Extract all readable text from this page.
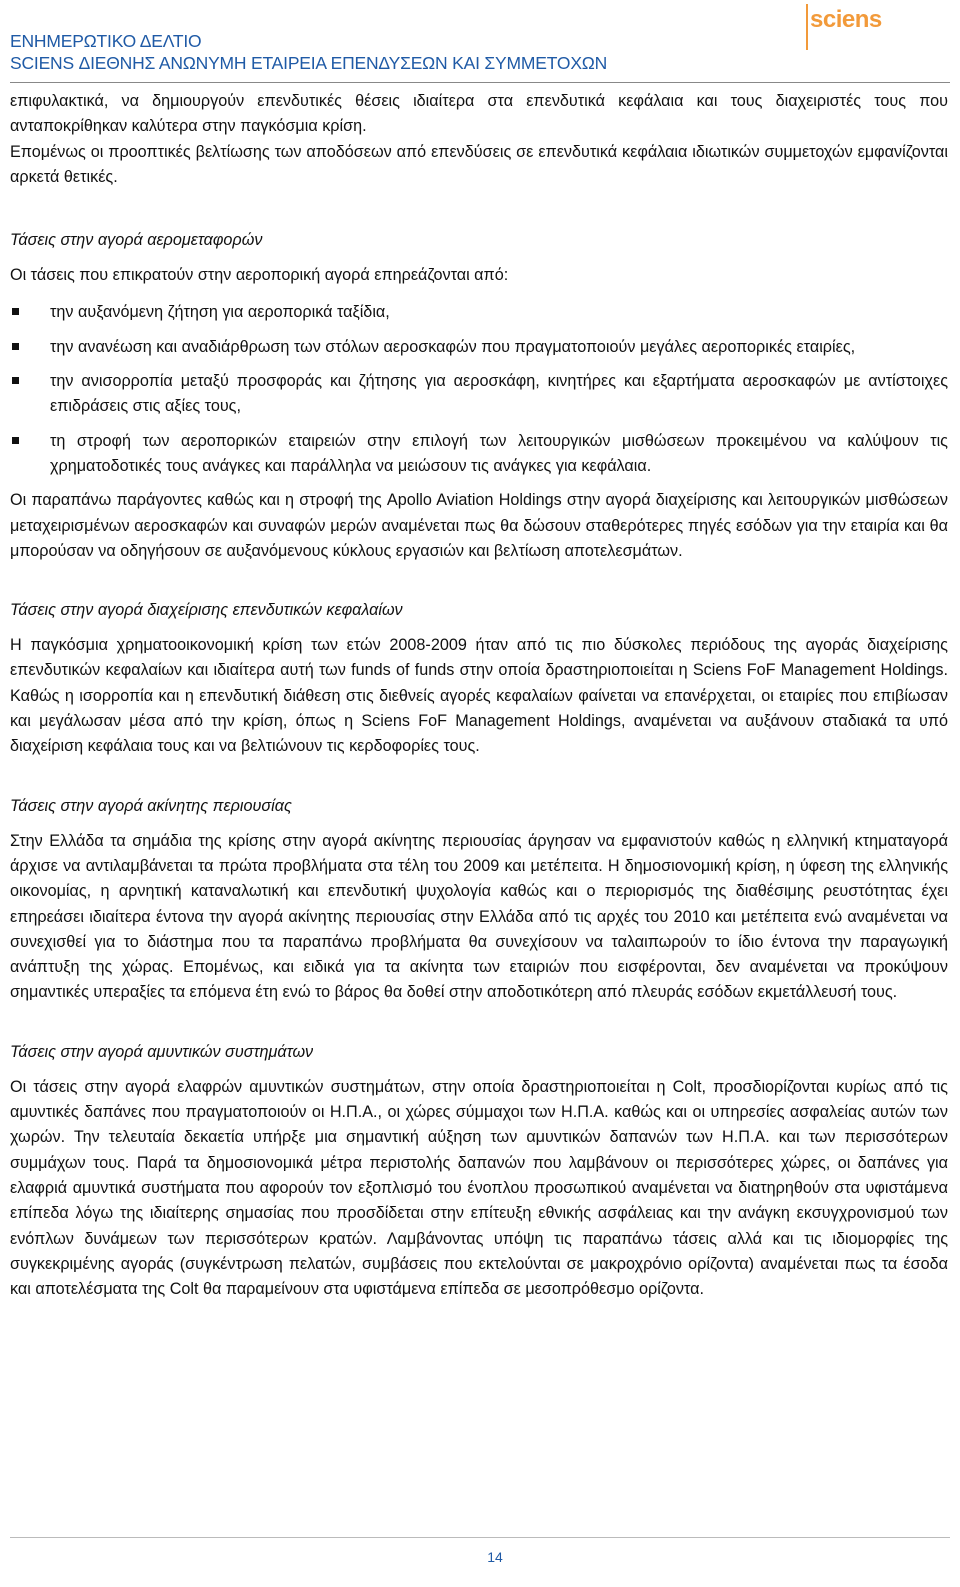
ΕΝΗΜΕΡΩΤΙΚΟ ΔΕΛΤΙΟ
SCIENS ΔΙΕΘΝΗΣ ΑΝΩΝΥΜΗ ΕΤΑΙΡΕΙΑ ΕΠΕΝΔΥΣΕΩΝ ΚΑΙ ΣΥΜΜΕΤΟΧΩΝ
sciens

επιφυλακτικά, να δημιουργούν επενδυτικές θέσεις ιδιαίτερα στα επενδυτικά κεφάλαια και τους διαχειριστές τους που ανταποκρίθηκαν καλύτερα στην παγκόσμια κρίση.

Επομένως οι προοπτικές βελτίωσης των αποδόσεων από επενδύσεις σε επενδυτικά κεφάλαια ιδιωτικών συμμετοχών εμφανίζονται αρκετά θετικές.

Τάσεις στην αγορά αερομεταφορών

Οι τάσεις που επικρατούν στην αεροπορική αγορά επηρεάζονται από:

την αυξανόμενη ζήτηση για αεροπορικά ταξίδια,
την ανανέωση και αναδιάρθρωση των στόλων αεροσκαφών που πραγματοποιούν μεγάλες αεροπορικές εταιρίες,
την ανισορροπία μεταξύ προσφοράς και ζήτησης για αεροσκάφη, κινητήρες και εξαρτήματα αεροσκαφών με αντίστοιχες επιδράσεις στις αξίες τους,
τη στροφή των αεροπορικών εταιρειών στην επιλογή των λειτουργικών μισθώσεων προκειμένου να καλύψουν τις χρηματοδοτικές τους ανάγκες και παράλληλα να μειώσουν τις ανάγκες για κεφάλαια.

Οι παραπάνω παράγοντες καθώς και η στροφή της Apollo Aviation Holdings στην αγορά διαχείρισης και λειτουργικών μισθώσεων μεταχειρισμένων αεροσκαφών και συναφών μερών αναμένεται πως θα δώσουν σταθερότερες πηγές εσόδων για την εταιρία και θα μπορούσαν να οδηγήσουν σε αυξανόμενους κύκλους εργασιών και βελτίωση αποτελεσμάτων.

Τάσεις στην αγορά διαχείρισης επενδυτικών κεφαλαίων

Η παγκόσμια χρηματοοικονομική κρίση των ετών 2008-2009 ήταν από τις πιο δύσκολες περιόδους της αγοράς διαχείρισης επενδυτικών κεφαλαίων και ιδιαίτερα αυτή των funds of funds στην οποία δραστηριοποιείται η Sciens FoF Management Holdings. Καθώς η ισορροπία και η επενδυτική διάθεση στις διεθνείς αγορές κεφαλαίων φαίνεται να επανέρχεται, οι εταιρίες που επιβίωσαν και μεγάλωσαν μέσα από την κρίση, όπως η Sciens FoF Management Holdings, αναμένεται να αυξάνουν σταδιακά τα υπό διαχείριση κεφάλαια τους και να βελτιώνουν τις κερδοφορίες τους.

Τάσεις στην αγορά ακίνητης περιουσίας

Στην Ελλάδα τα σημάδια της κρίσης στην αγορά ακίνητης περιουσίας άργησαν να εμφανιστούν καθώς η ελληνική κτηματαγορά άρχισε να αντιλαμβάνεται τα πρώτα προβλήματα στα τέλη του 2009 και μετέπειτα. Η δημοσιονομική κρίση, η ύφεση της ελληνικής οικονομίας, η αρνητική καταναλωτική και επενδυτική ψυχολογία καθώς και ο περιορισμός της διαθέσιμης ρευστότητας έχει επηρεάσει ιδιαίτερα έντονα την αγορά ακίνητης περιουσίας στην Ελλάδα από τις αρχές του 2010 και μετέπειτα ενώ αναμένεται να συνεχισθεί για το διάστημα που τα παραπάνω προβλήματα θα συνεχίσουν να ταλαιπωρούν το ίδιο έντονα την παραγωγική ανάπτυξη της χώρας. Επομένως, και ειδικά για τα ακίνητα των εταιριών που εισφέρονται, δεν αναμένεται να προκύψουν σημαντικές υπεραξίες τα επόμενα έτη ενώ το βάρος θα δοθεί στην αποδοτικότερη από πλευράς εσόδων εκμετάλλευσή τους.

Τάσεις στην αγορά αμυντικών συστημάτων

Οι τάσεις στην αγορά ελαφρών αμυντικών συστημάτων, στην οποία δραστηριοποιείται η Colt, προσδιορίζονται κυρίως από τις αμυντικές δαπάνες που πραγματοποιούν οι Η.Π.Α., οι χώρες σύμμαχοι των Η.Π.Α. καθώς και οι υπηρεσίες ασφαλείας αυτών των χωρών. Την τελευταία δεκαετία υπήρξε μια σημαντική αύξηση των αμυντικών δαπανών των Η.Π.Α. και των περισσότερων συμμάχων τους. Παρά τα δημοσιονομικά μέτρα περιστολής δαπανών που λαμβάνουν οι περισσότερες χώρες, οι δαπάνες για ελαφριά αμυντικά συστήματα που αφορούν τον εξοπλισμό του ένοπλου προσωπικού αναμένεται να διατηρηθούν στα υφιστάμενα επίπεδα λόγω της ιδιαίτερης σημασίας που προσδίδεται στην επίτευξη εθνικής ασφάλειας και την ανάγκη εκσυγχρονισμού των ενόπλων δυνάμεων των περισσότερων κρατών. Λαμβάνοντας υπόψη τις παραπάνω τάσεις αλλά και τις ιδιομορφίες της συγκεκριμένης αγοράς (συγκέντρωση πελατών, συμβάσεις που εκτελούνται σε μακροχρόνιο ορίζοντα) αναμένεται πως τα έσοδα και αποτελέσματα της Colt θα παραμείνουν στα υφιστάμενα επίπεδα σε μεσοπρόθεσμο ορίζοντα.

14
